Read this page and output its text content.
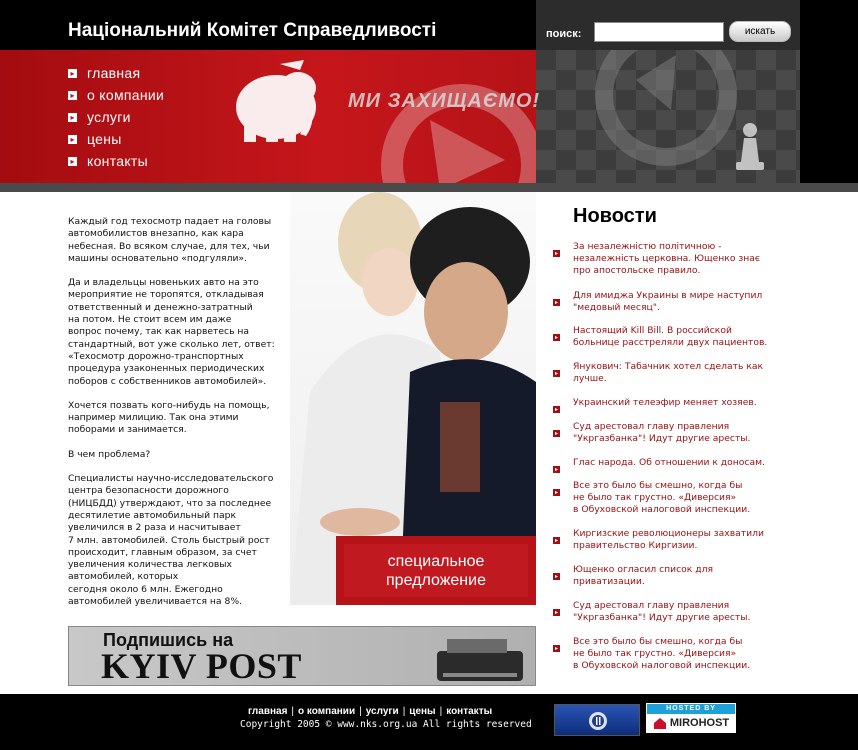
Національний Комітет Справедливості	поиск:	искать
МИ ЗАХИЩАЄМО!
▸ главная
▸ о компании
▸ услуги
▸ цены
▸ контакты
специальное
предложение

Каждый год техосмотр падает на головы
автомобилистов внезапно, как кара
небесная. Во всяком случае, для тех, чьи
машины основательно «подгуляли».

Да и владельцы новеньких авто на это
мероприятие не торопятся, откладывая
ответственный и денежно-затратный
на потом. Не стоит всем им даже
вопрос почему, так как нарветесь на
стандартный, вот уже сколько лет, ответ:
«Техосмотр дорожно-транспортных
процедура узаконенных периодических
поборов с собственников автомобилей».

Хочется позвать кого-нибудь на помощь,
например милицию. Так она этими
поборами и занимается.

В чем проблема?

Специалисты научно-исследовательского
центра безопасности дорожного
(НИЦБДД) утверждают, что за последнее
десятилетие автомобильный парк
увеличился в 2 раза и насчитывает
7 млн. автомобилей. Столь быстрый рост
происходит, главным образом, за счет
увеличения количества легковых
автомобилей, которых
сегодня около 6 млн. Ежегодно
автомобилей увеличивается на 8%.

Подпишись на
KYIV POST
Новости
▸
За незалежністю політичною -
незалежність церковна. Ющенко знає
про апостольске правило.
▸
Для имиджа Украины в мире наступил
"медовый месяц".
▸
Настоящий Kill Bill. В российской
больнице расстреляли двух пациентов.
▸
Янукович: Табачник хотел сделать как
лучше.
▸
Украинский телеэфир меняет хозяев.
▸
Суд арестовал главу правления
"Укргазбанка"! Идут другие аресты.
▸
Глас народа. Об отношении к доносам.
▸
Все это было бы смешно, когда бы
не было так грустно. «Диверсия»
в Обуховской налоговой инспекции.
▸
Киргизские революционеры захватили
правительство Киргизии.
▸
Ющенко огласил список для
приватизации.
▸
Суд арестовал главу правления
"Укргазбанка"! Идут другие аресты.
▸
Все это было бы смешно, когда бы
не было так грустно. «Диверсия»
в Обуховской налоговой инспекции.
главная | о компании | услуги | цены | контакты
Copyright 2005 © www.nks.org.ua All rights reserved
HOSTED BY
MIROHOST
